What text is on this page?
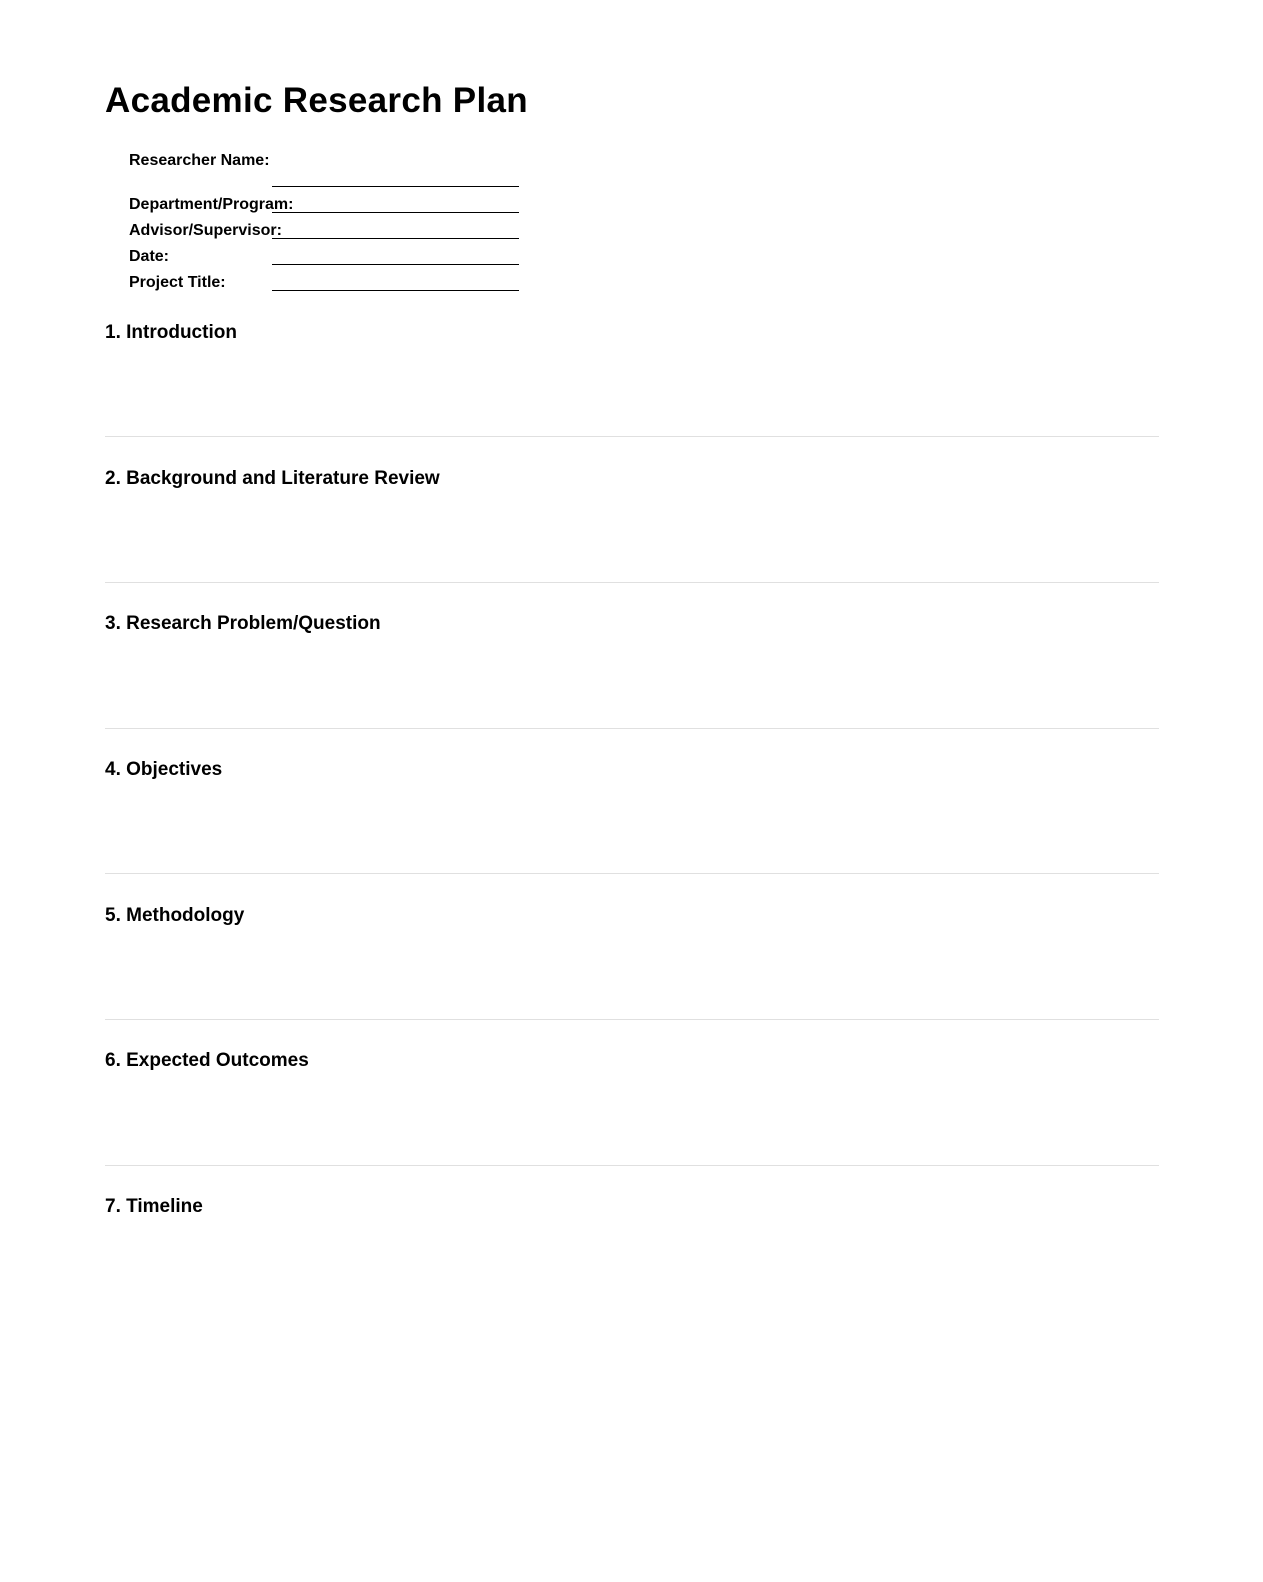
Academic Research Plan
Researcher Name:
Department/Program:
Advisor/Supervisor:
Date:
Project Title:
1. Introduction
2. Background and Literature Review
3. Research Problem/Question
4. Objectives
5. Methodology
6. Expected Outcomes
7. Timeline
